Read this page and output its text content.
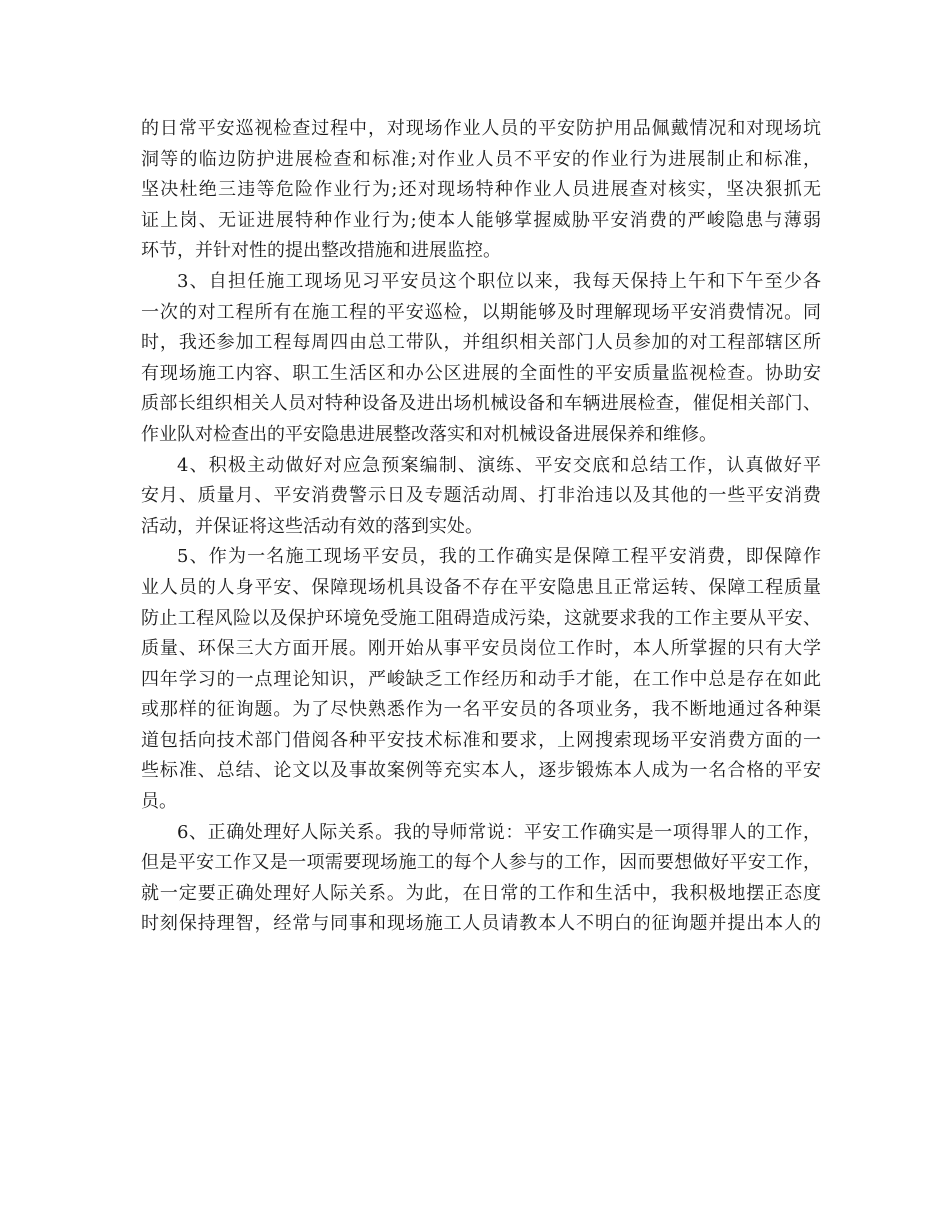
的日常平安巡视检查过程中，对现场作业人员的平安防护用品佩戴情况和对现场坑
洞等的临边防护进展检查和标准;对作业人员不平安的作业行为进展制止和标准，
坚决杜绝三违等危险作业行为;还对现场特种作业人员进展查对核实，坚决狠抓无
证上岗、无证进展特种作业行为;使本人能够掌握威胁平安消费的严峻隐患与薄弱
环节，并针对性的提出整改措施和进展监控。
3、自担任施工现场见习平安员这个职位以来，我每天保持上午和下午至少各
一次的对工程所有在施工程的平安巡检，以期能够及时理解现场平安消费情况。同
时，我还参加工程每周四由总工带队，并组织相关部门人员参加的对工程部辖区所
有现场施工内容、职工生活区和办公区进展的全面性的平安质量监视检查。协助安
质部长组织相关人员对特种设备及进出场机械设备和车辆进展检查，催促相关部门、
作业队对检查出的平安隐患进展整改落实和对机械设备进展保养和维修。
4、积极主动做好对应急预案编制、演练、平安交底和总结工作，认真做好平
安月、质量月、平安消费警示日及专题活动周、打非治违以及其他的一些平安消费
活动，并保证将这些活动有效的落到实处。
5、作为一名施工现场平安员，我的工作确实是保障工程平安消费，即保障作
业人员的人身平安、保障现场机具设备不存在平安隐患且正常运转、保障工程质量
防止工程风险以及保护环境免受施工阻碍造成污染，这就要求我的工作主要从平安、
质量、环保三大方面开展。刚开始从事平安员岗位工作时，本人所掌握的只有大学
四年学习的一点理论知识，严峻缺乏工作经历和动手才能，在工作中总是存在如此
或那样的征询题。为了尽快熟悉作为一名平安员的各项业务，我不断地通过各种渠
道包括向技术部门借阅各种平安技术标准和要求，上网搜索现场平安消费方面的一
些标准、总结、论文以及事故案例等充实本人，逐步锻炼本人成为一名合格的平安
员。
6、正确处理好人际关系。我的导师常说：平安工作确实是一项得罪人的工作，
但是平安工作又是一项需要现场施工的每个人参与的工作，因而要想做好平安工作，
就一定要正确处理好人际关系。为此，在日常的工作和生活中，我积极地摆正态度
时刻保持理智，经常与同事和现场施工人员请教本人不明白的征询题并提出本人的
